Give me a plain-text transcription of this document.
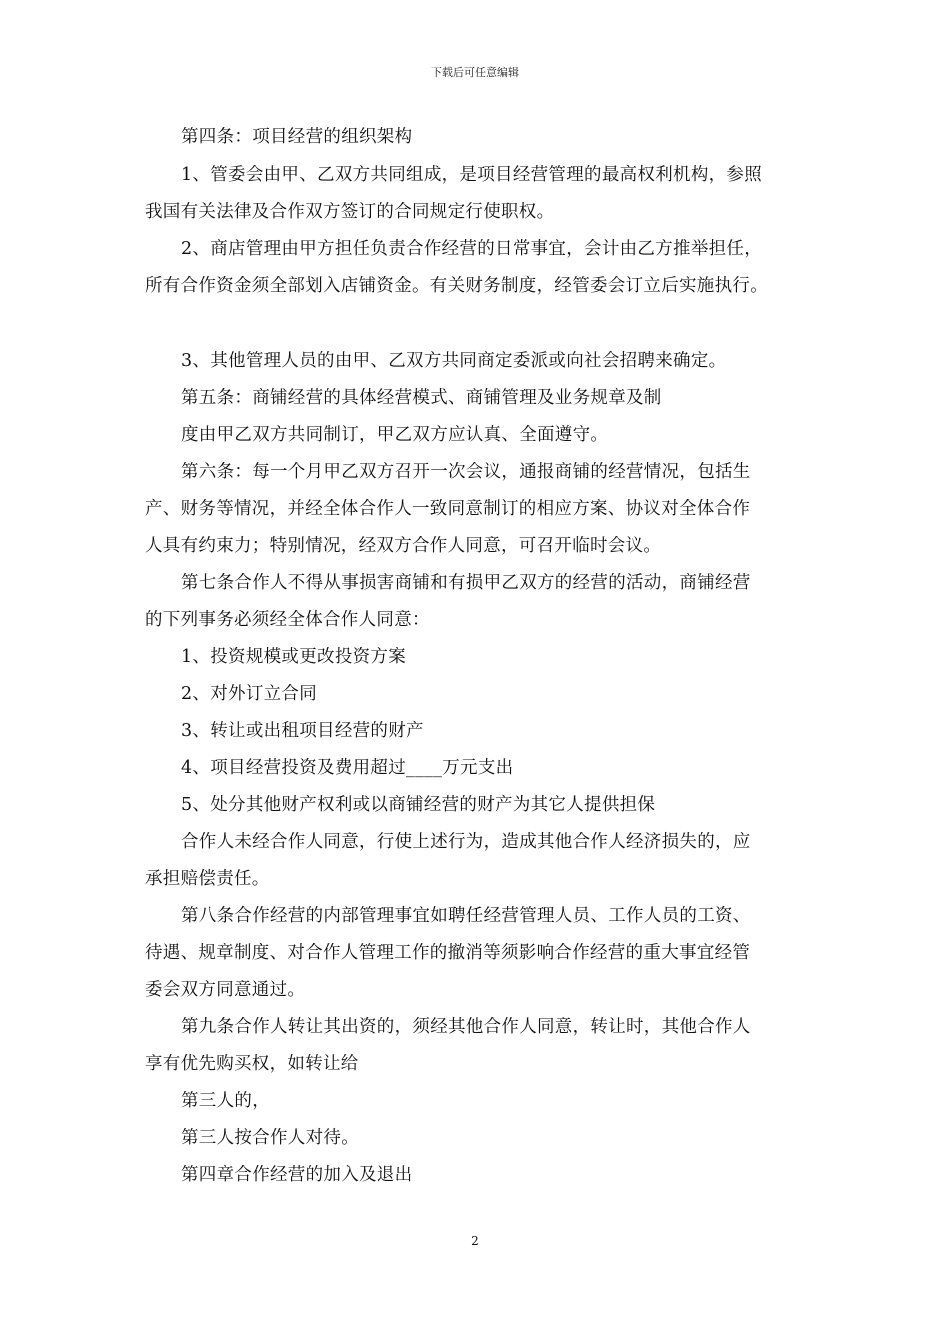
下载后可任意编辑
第四条：项目经营的组织架构
1、管委会由甲、乙双方共同组成，是项目经营管理的最高权利机构，参照
我国有关法律及合作双方签订的合同规定行使职权。
2、商店管理由甲方担任负责合作经营的日常事宜，会计由乙方推举担任，
所有合作资金须全部划入店铺资金。有关财务制度，经管委会订立后实施执行。
3、其他管理人员的由甲、乙双方共同商定委派或向社会招聘来确定。
第五条：商铺经营的具体经营模式、商铺管理及业务规章及制
度由甲乙双方共同制订，甲乙双方应认真、全面遵守。
第六条：每一个月甲乙双方召开一次会议，通报商铺的经营情况，包括生
产、财务等情况，并经全体合作人一致同意制订的相应方案、协议对全体合作
人具有约束力；特别情况，经双方合作人同意，可召开临时会议。
第七条合作人不得从事损害商铺和有损甲乙双方的经营的活动，商铺经营
的下列事务必须经全体合作人同意：
1、投资规模或更改投资方案
2、对外订立合同
3、转让或出租项目经营的财产
4、项目经营投资及费用超过____万元支出
5、处分其他财产权利或以商铺经营的财产为其它人提供担保
合作人未经合作人同意，行使上述行为，造成其他合作人经济损失的，应
承担赔偿责任。
第八条合作经营的内部管理事宜如聘任经营管理人员、工作人员的工资、
待遇、规章制度、对合作人管理工作的撤消等须影响合作经营的重大事宜经管
委会双方同意通过。
第九条合作人转让其出资的，须经其他合作人同意，转让时，其他合作人
享有优先购买权，如转让给
第三人的，
第三人按合作人对待。
第四章合作经营的加入及退出
2
